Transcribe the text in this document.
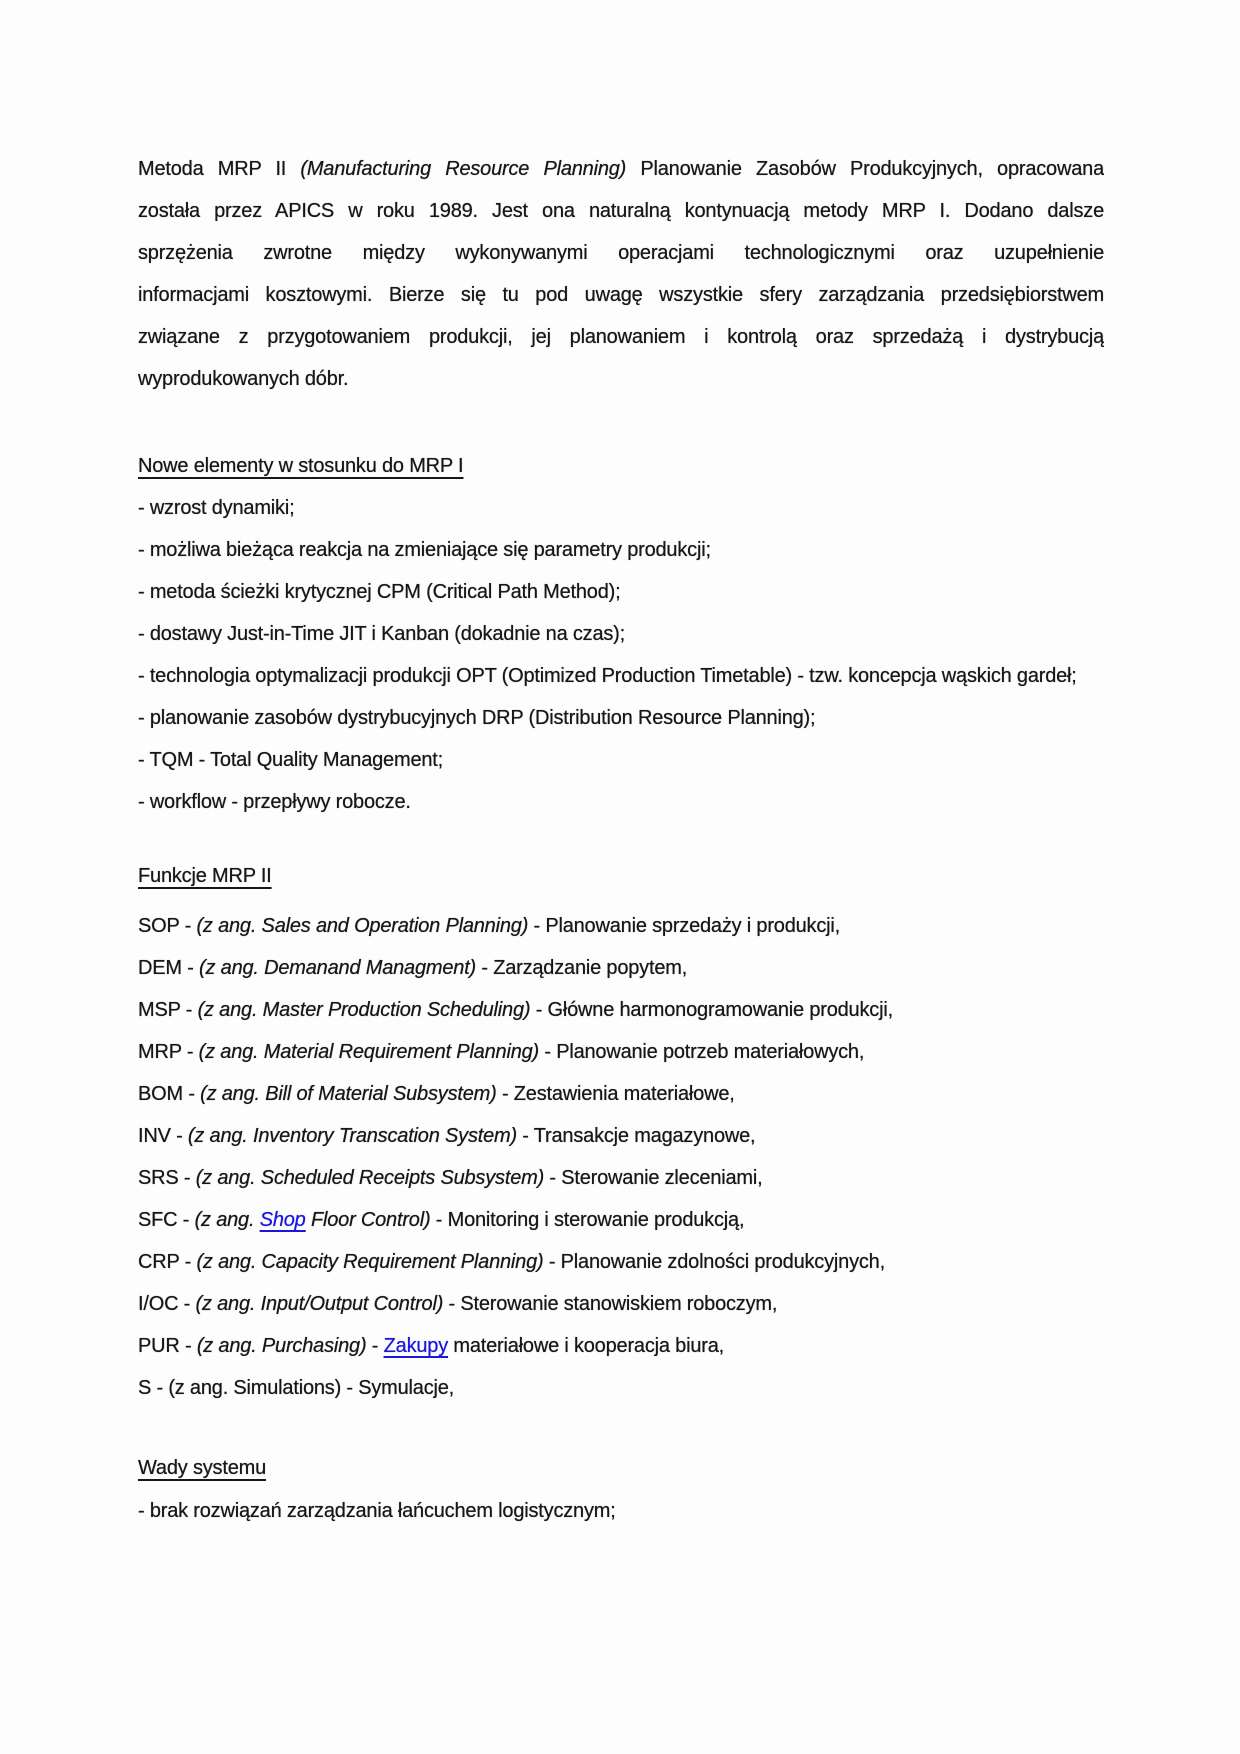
Metoda MRP II (Manufacturing Resource Planning) Planowanie Zasobów Produkcyjnych, opracowana
została przez APICS w roku 1989. Jest ona naturalną kontynuacją metody MRP I. Dodano dalsze
sprzężenia zwrotne między wykonywanymi operacjami technologicznymi oraz uzupełnienie
informacjami kosztowymi. Bierze się tu pod uwagę wszystkie sfery zarządzania przedsiębiorstwem
związane z przygotowaniem produkcji, jej planowaniem i kontrolą oraz sprzedażą i dystrybucją
wyprodukowanych dóbr.
Nowe elementy w stosunku do MRP I
- wzrost dynamiki;
- możliwa bieżąca reakcja na zmieniające się parametry produkcji;
- metoda ścieżki krytycznej CPM (Critical Path Method);
- dostawy Just-in-Time JIT i Kanban (dokadnie na czas);
- technologia optymalizacji produkcji OPT (Optimized Production Timetable) - tzw. koncepcja wąskich gardeł;
- planowanie zasobów dystrybucyjnych DRP (Distribution Resource Planning);
- TQM - Total Quality Management;
- workflow - przepływy robocze.
Funkcje MRP II
SOP - (z ang. Sales and Operation Planning) - Planowanie sprzedaży i produkcji,
DEM - (z ang. Demanand Managment) - Zarządzanie popytem,
MSP - (z ang. Master Production Scheduling) - Główne harmonogramowanie produkcji,
MRP - (z ang. Material Requirement Planning) - Planowanie potrzeb materiałowych,
BOM - (z ang. Bill of Material Subsystem) - Zestawienia materiałowe,
INV - (z ang. Inventory Transcation System) - Transakcje magazynowe,
SRS - (z ang. Scheduled Receipts Subsystem) - Sterowanie zleceniami,
SFC - (z ang. Shop Floor Control) - Monitoring i sterowanie produkcją,
CRP - (z ang. Capacity Requirement Planning) - Planowanie zdolności produkcyjnych,
I/OC - (z ang. Input/Output Control) - Sterowanie stanowiskiem roboczym,
PUR - (z ang. Purchasing) - Zakupy materiałowe i kooperacja biura,
S - (z ang. Simulations) - Symulacje,
Wady systemu
- brak rozwiązań zarządzania łańcuchem logistycznym;
